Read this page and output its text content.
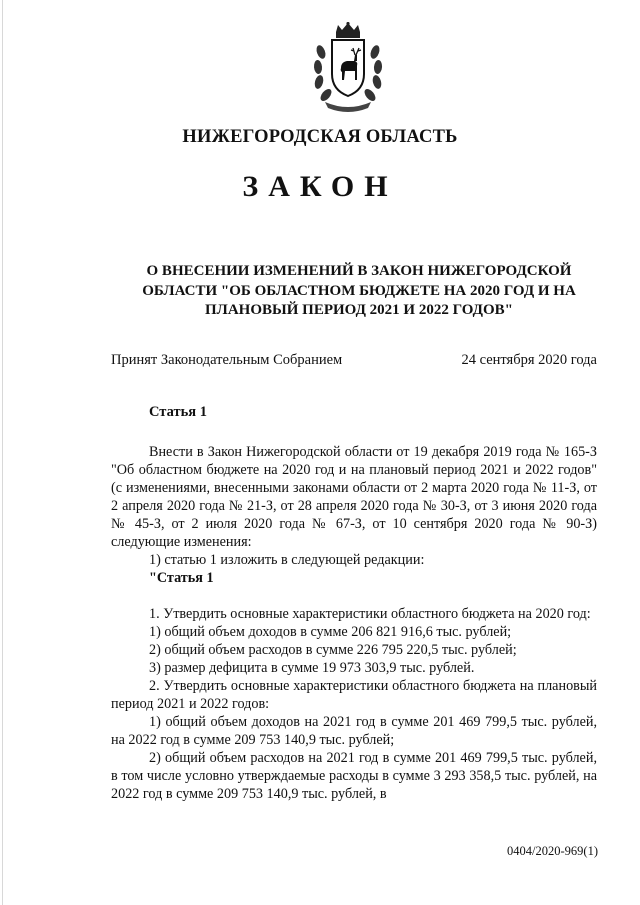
НИЖЕГОРОДСКАЯ ОБЛАСТЬ
ЗАКОН
О ВНЕСЕНИИ ИЗМЕНЕНИЙ В ЗАКОН НИЖЕГОРОДСКОЙ
ОБЛАСТИ "ОБ ОБЛАСТНОМ БЮДЖЕТЕ НА 2020 ГОД И НА
ПЛАНОВЫЙ ПЕРИОД 2021 И 2022 ГОДОВ"
Принят Законодательным Собранием	24 сентября 2020 года
Статья 1

Внести в Закон Нижегородской области от 19 декабря 2019 года № 165-З "Об областном бюджете на 2020 год и на плановый период 2021 и 2022 годов" (с изменениями, внесенными законами области от 2 марта 2020 года № 11-З, от 2 апреля 2020 года № 21-З, от 28 апреля 2020 года № 30-З, от 3 июня 2020 года № 45-З, от 2 июля 2020 года № 67-З, от 10 сентября 2020 года № 90-З) следующие изменения:

1) статью 1 изложить в следующей редакции:

"Статья 1

1. Утвердить основные характеристики областного бюджета на 2020 год:

1) общий объем доходов в сумме 206 821 916,6 тыс. рублей;

2) общий объем расходов в сумме 226 795 220,5 тыс. рублей;

3) размер дефицита в сумме 19 973 303,9 тыс. рублей.

2. Утвердить основные характеристики областного бюджета на плановый период 2021 и 2022 годов:

1) общий объем доходов на 2021 год в сумме 201 469 799,5 тыс. рублей, на 2022 год в сумме 209 753 140,9 тыс. рублей;

2) общий объем расходов на 2021 год в сумме 201 469 799,5 тыс. рублей, в том числе условно утверждаемые расходы в сумме 3 293 358,5 тыс. рублей, на 2022 год в сумме 209 753 140,9 тыс. рублей, в

0404/2020-969(1)
